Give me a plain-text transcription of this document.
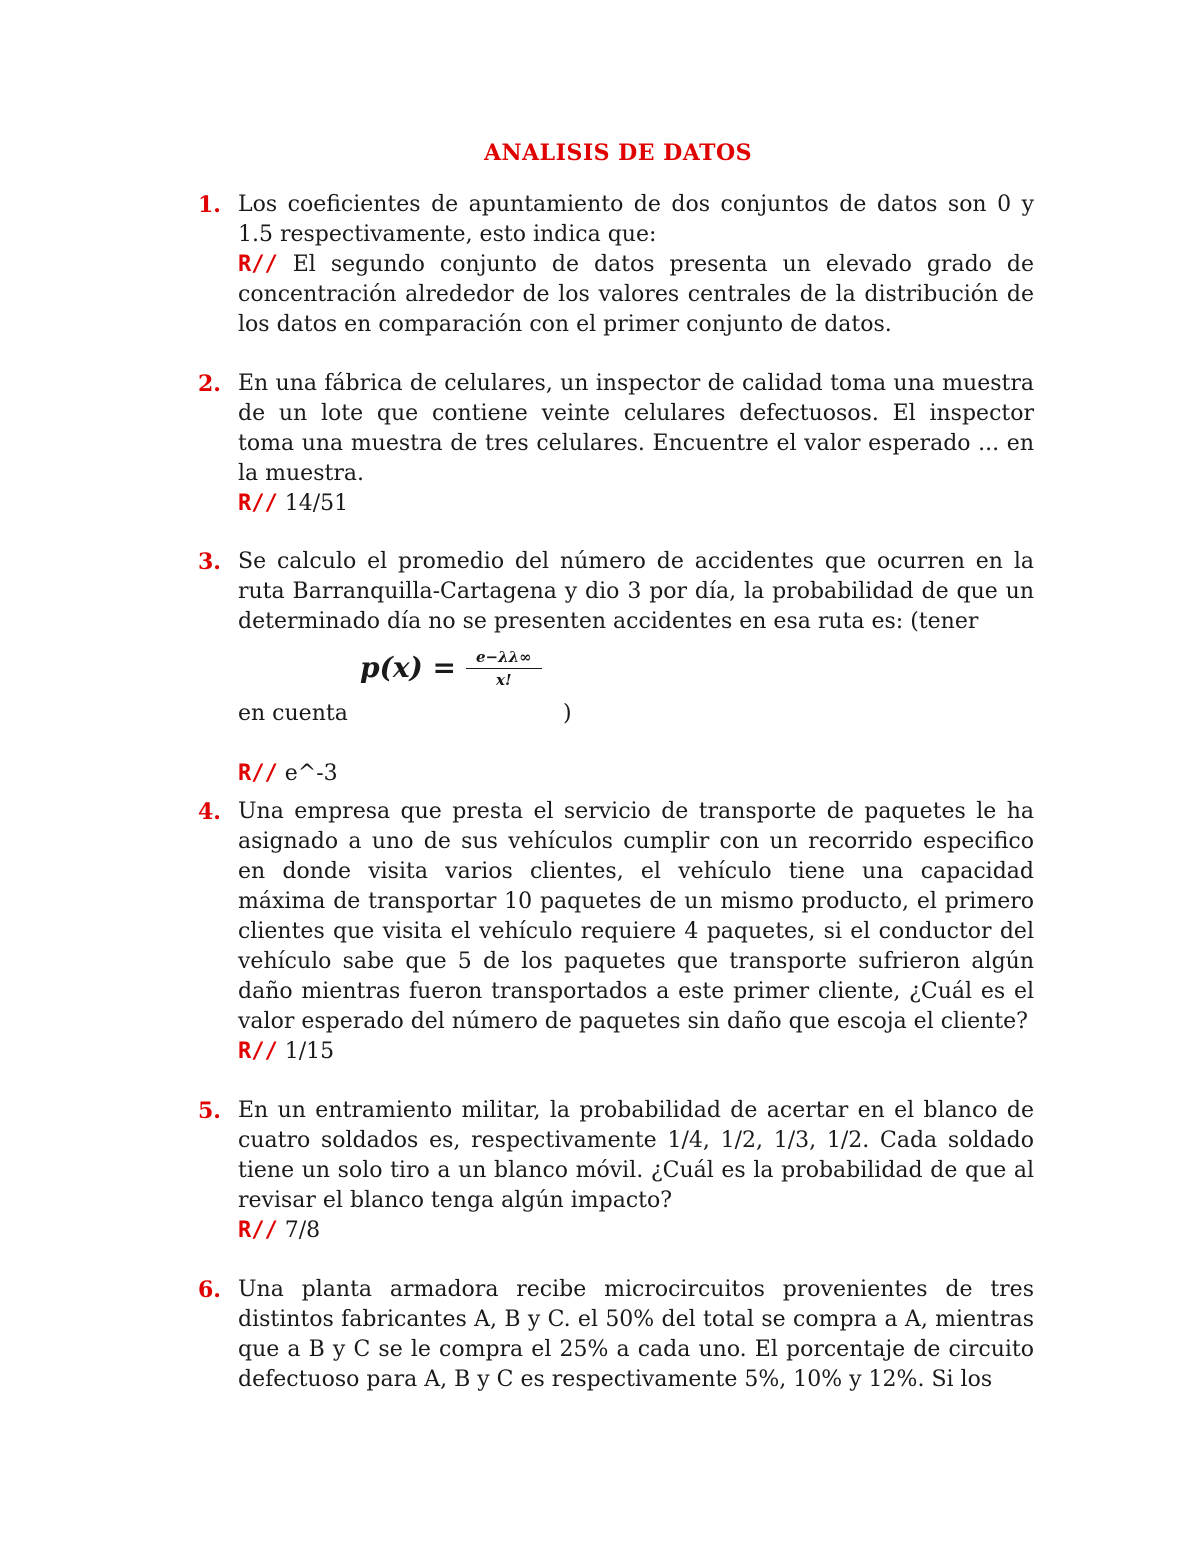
ANALISIS DE DATOS
1. Los coeficientes de apuntamiento de dos conjuntos de datos son 0 y 1.5 respectivamente, esto indica que:

R// El segundo conjunto de datos presenta un elevado grado de concentración alrededor de los valores centrales de la distribución de los datos en comparación con el primer conjunto de datos.

2. En una fábrica de celulares, un inspector de calidad toma una muestra de un lote que contiene veinte celulares defectuosos. El inspector toma una muestra de tres celulares. Encuentre el valor esperado ... en la muestra.

R// 14/51

3. Se calculo el promedio del número de accidentes que ocurren en la ruta Barranquilla-Cartagena y dio 3 por día, la probabilidad de que un determinado día no se presenten accidentes en esa ruta es: (tener

en cuenta
$p(x) = \frac{e-\lambda\lambda\infty}{x!}$
)

R// e^-3

4. Una empresa que presta el servicio de transporte de paquetes le ha asignado a uno de sus vehículos cumplir con un recorrido especifico en donde visita varios clientes, el vehículo tiene una capacidad máxima de transportar 10 paquetes de un mismo producto, el primero clientes que visita el vehículo requiere 4 paquetes, si el conductor del vehículo sabe que 5 de los paquetes que transporte sufrieron algún daño mientras fueron transportados a este primer cliente, ¿Cuál es el valor esperado del número de paquetes sin daño que escoja el cliente?

R// 1/15

5. En un entramiento militar, la probabilidad de acertar en el blanco de cuatro soldados es, respectivamente 1/4, 1/2, 1/3, 1/2. Cada soldado tiene un solo tiro a un blanco móvil. ¿Cuál es la probabilidad de que al revisar el blanco tenga algún impacto?

R// 7/8

6. Una planta armadora recibe microcircuitos provenientes de tres distintos fabricantes A, B y C. el 50% del total se compra a A, mientras que a B y C se le compra el 25% a cada uno. El porcentaje de circuito defectuoso para A, B y C es respectivamente 5%, 10% y 12%. Si los
